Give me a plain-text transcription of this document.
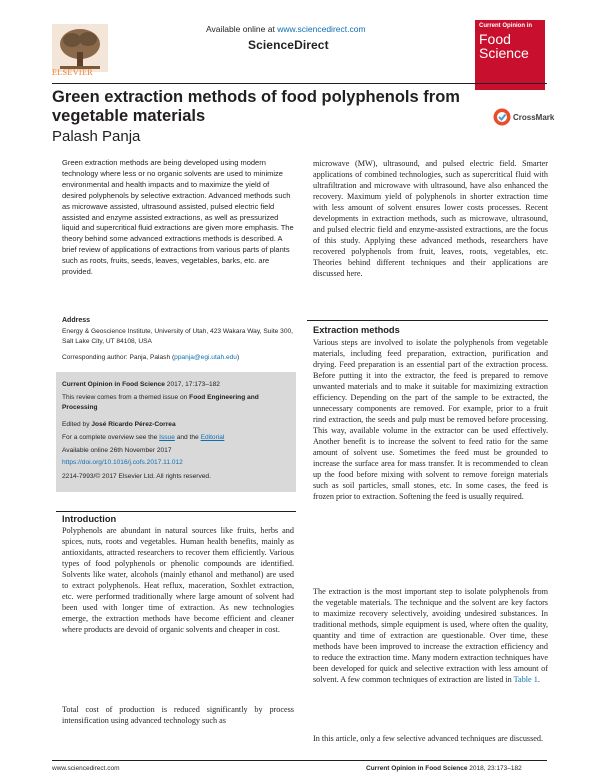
Available online at www.sciencedirect.com
ScienceDirect
ELSEVIER
Current Opinion in
Food Science
Green extraction methods of food polyphenols from vegetable materials
Palash Panja
CrossMark
Green extraction methods are being developed using modern technology where less or no organic solvents are used to minimize environmental and health impacts and to maximize the yield of desired polyphenols by selective extraction. Advanced methods such as microwave assisted, ultrasound assisted, pulsed electric field assisted and enzyme assisted extractions, as well as pressurized liquid and supercritical fluid extractions are given more emphasis. The theory behind some advanced extractions methods is described. A brief review of applications of extractions from various parts of plants such as roots, fruits, seeds, leaves, vegetables, barks, etc. are provided.
Address
Energy & Geoscience Institute, University of Utah, 423 Wakara Way, Suite 300, Salt Lake City, UT 84108, USA
Corresponding author: Panja, Palash (ppanja@egi.utah.edu)
Current Opinion in Food Science 2017, 17:173–182
This review comes from a themed issue on Food Engineering and Processing
Edited by José Ricardo Pérez-Correa
For a complete overview see the Issue and the Editorial
Available online 26th November 2017
https://doi.org/10.1016/j.cofs.2017.11.012
2214-7993/© 2017 Elsevier Ltd. All rights reserved.
Introduction
Polyphenols are abundant in natural sources like fruits, herbs and spices, nuts, roots and vegetables. Human health benefits, mainly as antioxidants, attracted researchers to recover them efficiently. Various types of food polyphenols or phenolic compounds are identified. Solvents like water, alcohols (mainly ethanol and methanol) are used to extract polyphenols. Heat reflux, maceration, Soxhlet extraction, etc. were performed traditionally where large amount of solvent had been used with longer time of extraction. As new technologies emerge, the extraction methods have become efficient and cleaner where products are devoid of organic solvents and cheaper in cost.
Total cost of production is reduced significantly by process intensification using advanced technology such as
microwave (MW), ultrasound, and pulsed electric field. Smarter applications of combined technologies, such as supercritical fluid with ultrafiltration and microwave with ultrasound, have also enhanced the recovery. Maximum yield of polyphenols in shorter extraction time with less amount of solvent ensures lower costs processes. Recent developments in extraction methods, such as microwave, ultrasound, and pulsed electric field and enzyme-assisted extractions, are the focus of this study. Applying these advanced methods, researchers have recovered polyphenols from fruit, leaves, roots, vegetables, etc. Theories behind different techniques and their applications are discussed here.
Extraction methods
Various steps are involved to isolate the polyphenols from vegetable materials, including feed preparation, extraction, purification and drying. Feed preparation is an essential part of the extraction process. Before putting it into the extractor, the feed is prepared to remove unwanted materials and to make it suitable for maximizing extraction efficiency. Depending on the part of the sample to be extracted, the unnecessary components are removed. For example, prior to a fruit rind extraction, the seeds and pulp must be removed before processing. This way, available volume in the extractor can be used effectively. Another benefit is to increase the solvent to feed ratio for the same amount of solvent use. Sometimes the feed must be grounded to increase the surface area for mass transfer. It is recommended to clean up the food before mixing with solvent to remove foreign materials such as soil particles, small stones, etc. In some cases, the feed is frozen prior to extraction. Softening the feed is usually required.
The extraction is the most important step to isolate polyphenols from the vegetable materials. The technique and the solvent are key factors to maximize recovery selectively, avoiding undesired substances. In traditional methods, simple equipment is used, where often the quality, quantity and time of extraction are questionable. Over time, these methods have been improved to increase the extraction efficiency and to reduce the extraction time. Many modern extraction techniques have been developed for quick and selective extraction with less amount of solvent. A few common techniques of extraction are listed in Table 1.
In this article, only a few selective advanced techniques are discussed.
www.sciencedirect.com	Current Opinion in Food Science 2018, 23:173–182
